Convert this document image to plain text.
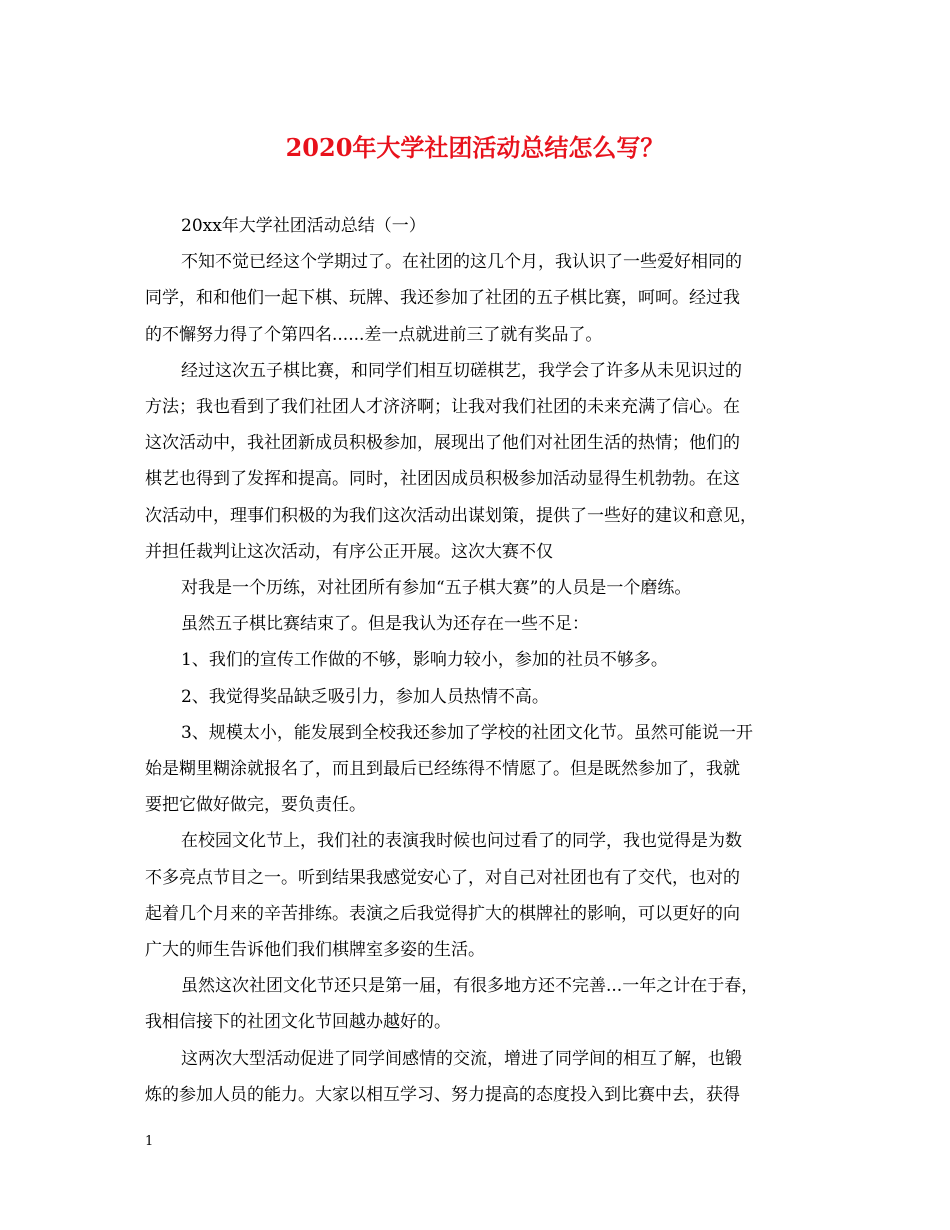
2020年大学社团活动总结怎么写？
20xx年大学社团活动总结（一）
不知不觉已经这个学期过了。在社团的这几个月，我认识了一些爱好相同的
同学，和和他们一起下棋、玩牌、我还参加了社团的五子棋比赛，呵呵。经过我
的不懈努力得了个第四名......差一点就进前三了就有奖品了。
经过这次五子棋比赛，和同学们相互切磋棋艺，我学会了许多从未见识过的
方法；我也看到了我们社团人才济济啊；让我对我们社团的未来充满了信心。在
这次活动中，我社团新成员积极参加，展现出了他们对社团生活的热情；他们的
棋艺也得到了发挥和提高。同时，社团因成员积极参加活动显得生机勃勃。在这
次活动中，理事们积极的为我们这次活动出谋划策，提供了一些好的建议和意见，
并担任裁判让这次活动，有序公正开展。这次大赛不仅
对我是一个历练，对社团所有参加“五子棋大赛”的人员是一个磨练。
虽然五子棋比赛结束了。但是我认为还存在一些不足：
1、我们的宣传工作做的不够，影响力较小，参加的社员不够多。
2、我觉得奖品缺乏吸引力，参加人员热情不高。
3、规模太小，能发展到全校我还参加了学校的社团文化节。虽然可能说一开
始是糊里糊涂就报名了，而且到最后已经练得不情愿了。但是既然参加了，我就
要把它做好做完，要负责任。
在校园文化节上，我们社的表演我时候也问过看了的同学，我也觉得是为数
不多亮点节目之一。听到结果我感觉安心了，对自己对社团也有了交代，也对的
起着几个月来的辛苦排练。表演之后我觉得扩大的棋牌社的影响，可以更好的向
广大的师生告诉他们我们棋牌室多姿的生活。
虽然这次社团文化节还只是第一届，有很多地方还不完善...一年之计在于春，
我相信接下的社团文化节回越办越好的。
这两次大型活动促进了同学间感情的交流，增进了同学间的相互了解，也锻
炼的参加人员的能力。大家以相互学习、努力提高的态度投入到比赛中去，获得
1
